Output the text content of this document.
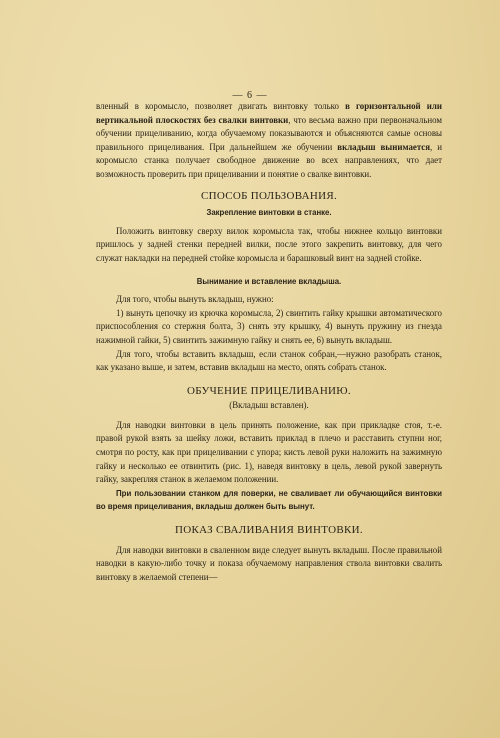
— 6 —

вленный в коромысло, позволяет двигать винтовку только в горизонтальной или вертикальной плоскостях без свалки винтовки, что весьма важно при первоначальном обучении прицеливанию, когда обучаемому показываются и объясняются самые основы правильного прицеливания. При дальнейшем же обучении вкладыш вынимается, и коромысло станка получает свободное движение во всех направлениях, что дает возможность проверить при прицеливании и понятие о свалке винтовки.

СПОСОБ ПОЛЬЗОВАНИЯ.
Закрепление винтовки в станке.

Положить винтовку сверху вилок коромысла так, чтобы нижнее кольцо винтовки пришлось у задней стенки передней вилки, после этого закрепить винтовку, для чего служат накладки на передней стойке коромысла и барашковый винт на задней стойке.

Вынимание и вставление вкладыша.

Для того, чтобы вынуть вкладыш, нужно:

1) вынуть цепочку из крючка коромысла, 2) свинтить гайку крышки автоматического приспособления со стержня болта, 3) снять эту крышку, 4) вынуть пружину из гнезда нажимной гайки, 5) свинтить зажимную гайку и снять ее, 6) вынуть вкладыш.

Для того, чтобы вставить вкладыш, если станок собран,—нужно разобрать станок, как указано выше, и затем, вставив вкладыш на место, опять собрать станок.

ОБУЧЕНИЕ ПРИЦЕЛИВАНИЮ.
(Вкладыш вставлен).

Для наводки винтовки в цель принять положение, как при прикладке стоя, т.-е. правой рукой взять за шейку ложи, вставить приклад в плечо и расставить ступни ног, смотря по росту, как при прицеливании с упора; кисть левой руки наложить на зажимную гайку и несколько ее отвинтить (рис. 1), наведя винтовку в цель, левой рукой завернуть гайку, закрепляя станок в желаемом положении.

При пользовании станком для поверки, не сваливает ли обучающийся винтовки во время прицеливания, вкладыш должен быть вынут.

ПОКАЗ СВАЛИВАНИЯ ВИНТОВКИ.

Для наводки винтовки в сваленном виде следует вынуть вкладыш. После правильной наводки в какую-либо точку и показа обучаемому направления ствола винтовки свалить винтовку в желаемой степени—
